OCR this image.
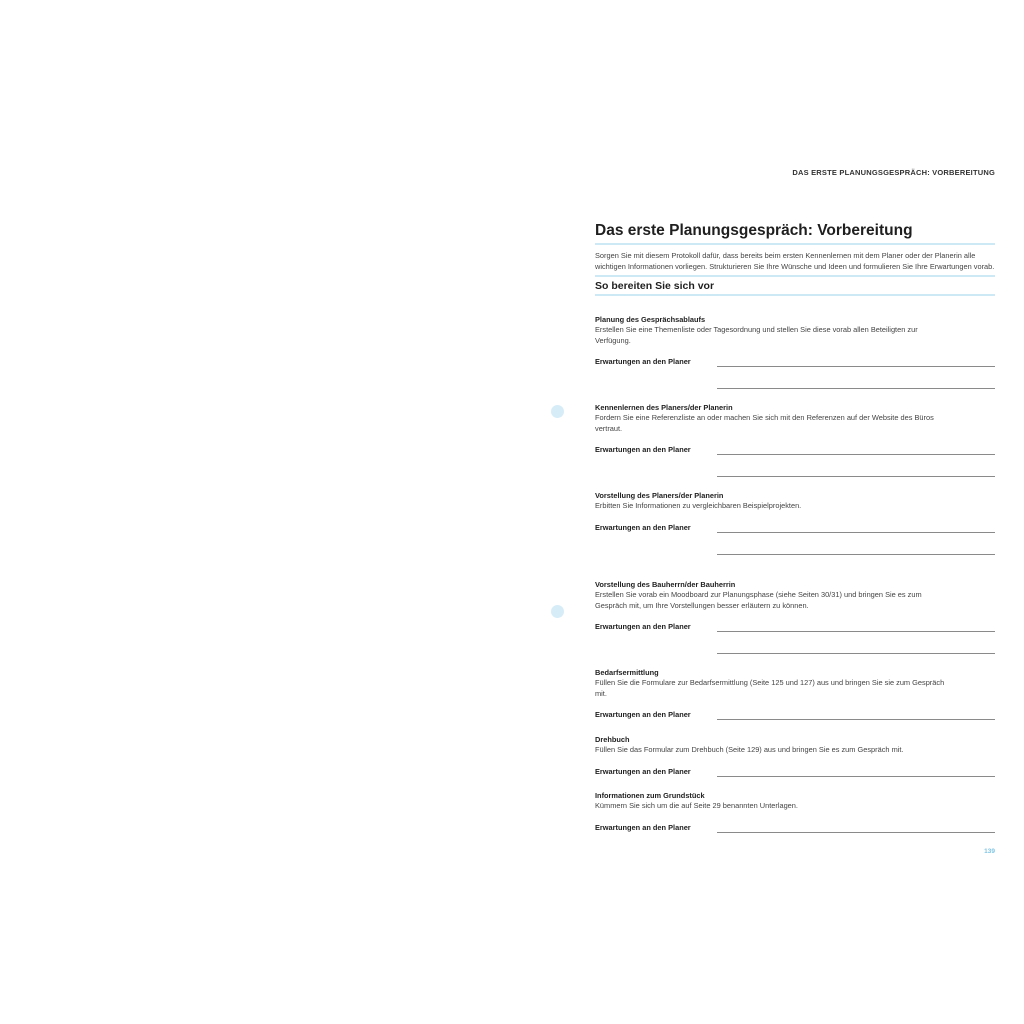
DAS ERSTE PLANUNGSGESPRÄCH: VORBEREITUNG
Das erste Planungsgespräch: Vorbereitung

Sorgen Sie mit diesem Protokoll dafür, dass bereits beim ersten Kennenlernen mit dem Planer oder der Planerin alle wichtigen Informationen vorliegen. Strukturieren Sie Ihre Wünsche und Ideen und formulieren Sie Ihre Erwartungen vorab.

So bereiten Sie sich vor
Planung des Gesprächsablaufs
Erstellen Sie eine Themenliste oder Tagesordnung und stellen Sie diese vorab allen Beteiligten zur Verfügung.
Erwartungen an den Planer
Kennenlernen des Planers/der Planerin
Fordern Sie eine Referenzliste an oder machen Sie sich mit den Referenzen auf der Website des Büros vertraut.
Erwartungen an den Planer
Vorstellung des Planers/der Planerin
Erbitten Sie Informationen zu vergleichbaren Beispielprojekten.
Erwartungen an den Planer
Vorstellung des Bauherrn/der Bauherrin
Erstellen Sie vorab ein Moodboard zur Planungsphase (siehe Seiten 30/31) und bringen Sie es zum Gespräch mit, um Ihre Vorstellungen besser erläutern zu können.
Erwartungen an den Planer
Bedarfsermittlung
Füllen Sie die Formulare zur Bedarfsermittlung (Seite 125 und 127) aus und bringen Sie sie zum Gespräch mit.
Erwartungen an den Planer
Drehbuch
Füllen Sie das Formular zum Drehbuch (Seite 129) aus und bringen Sie es zum Gespräch mit.
Erwartungen an den Planer
Informationen zum Grundstück
Kümmern Sie sich um die auf Seite 29 benannten Unterlagen.
Erwartungen an den Planer
139
